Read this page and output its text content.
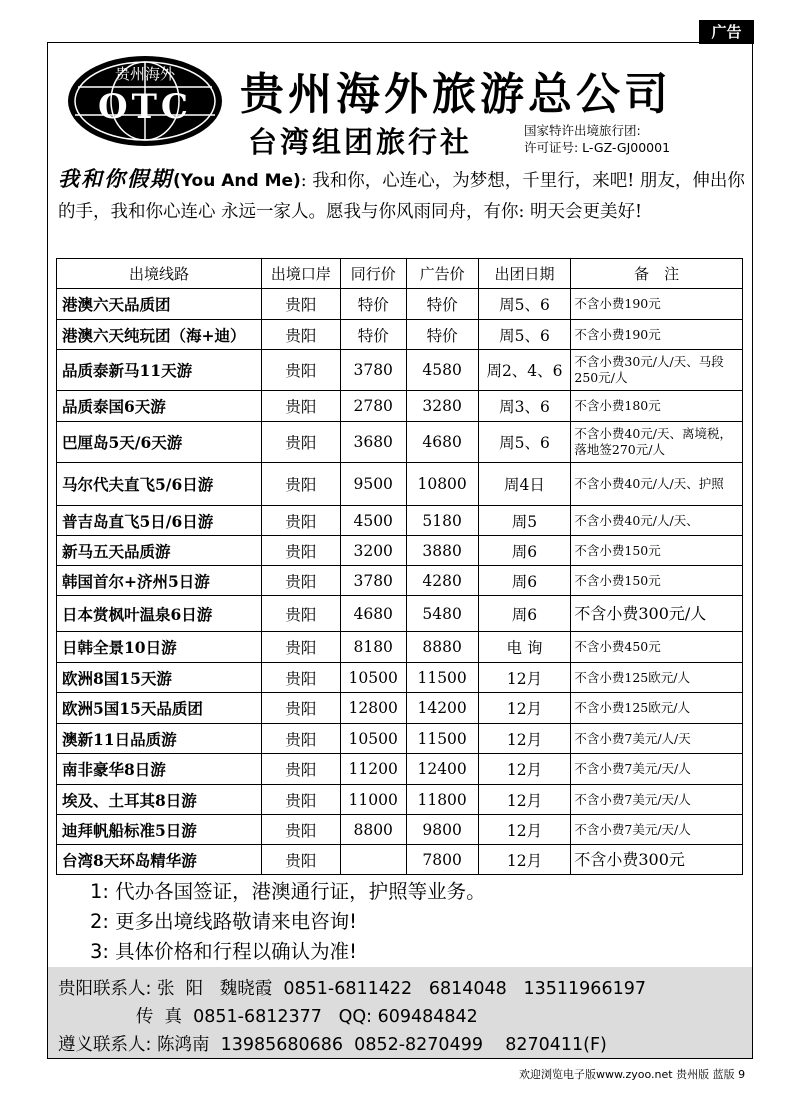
广告
贵州海外
OTC 贵州海外旅游总公司
台湾组团旅行社	国家特许出境旅行团:
许可证号: L-GZ-GJ00001
我和你假期(You And Me): 我和你，心连心，为梦想，千里行，来吧! 朋友，伸出你的手，我和你心连心 永远一家人。愿我与你风雨同舟，有你: 明天会更美好!
出境线路	出境口岸	同行价	广告价	出团日期	备　注
港澳六天品质团	贵阳	特价	特价	周5、6	不含小费190元
港澳六天纯玩团（海+迪）	贵阳	特价	特价	周5、6	不含小费190元
品质泰新马11天游	贵阳	3780	4580	周2、4、6	不含小费30元/人/天、马段250元/人
品质泰国6天游	贵阳	2780	3280	周3、6	不含小费180元
巴厘岛5天/6天游	贵阳	3680	4680	周5、6	不含小费40元/天、离境税，落地签270元/人
马尔代夫直飞5/6日游	贵阳	9500	10800	周4日	不含小费40元/人/天、护照
普吉岛直飞5日/6日游	贵阳	4500	5180	周5	不含小费40元/人/天、
新马五天品质游	贵阳	3200	3880	周6	不含小费150元
韩国首尔+济州5日游	贵阳	3780	4280	周6	不含小费150元
日本赏枫叶温泉6日游	贵阳	4680	5480	周6	不含小费300元/人
日韩全景10日游	贵阳	8180	8880	电 询	不含小费450元
欧洲8国15天游	贵阳	10500	11500	12月	不含小费125欧元/人
欧洲5国15天品质团	贵阳	12800	14200	12月	不含小费125欧元/人
澳新11日品质游	贵阳	10500	11500	12月	不含小费7美元/人/天
南非豪华8日游	贵阳	11200	12400	12月	不含小费7美元/天/人
埃及、土耳其8日游	贵阳	11000	11800	12月	不含小费7美元/天/人
迪拜帆船标准5日游	贵阳	8800	9800	12月	不含小费7美元/天/人
台湾8天环岛精华游	贵阳		7800	12月	不含小费300元
1: 代办各国签证，港澳通行证，护照等业务。
2: 更多出境线路敬请来电咨询!
3: 具体价格和行程以确认为准!
贵阳联系人: 张  阳   魏晓霞  0851-6811422   6814048   13511966197
传  真  0851-6812377   QQ: 609484842
遵义联系人: 陈鸿南  13985680686  0852-8270499    8270411(F)
欢迎浏览电子版www.zyoo.net 贵州版 蓝版 9
